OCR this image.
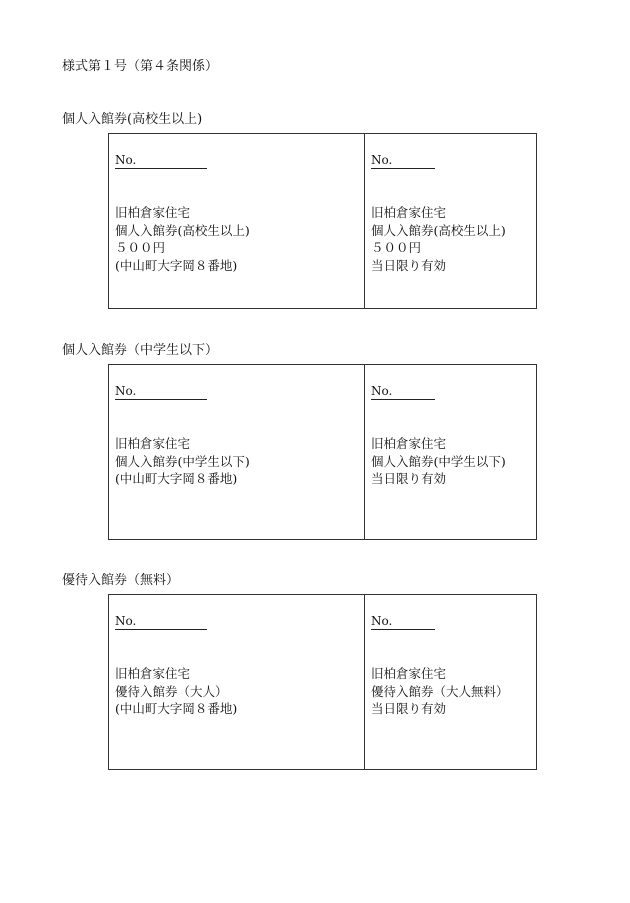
様式第１号（第４条関係）
個人入館券(高校生以上)
No.
旧柏倉家住宅
個人入館券(高校生以上)
５００円
(中山町大字岡８番地)
No.
旧柏倉家住宅
個人入館券(高校生以上)
５００円
当日限り有効
個人入館券（中学生以下）
No.
旧柏倉家住宅
個人入館券(中学生以下)
(中山町大字岡８番地)
No.
旧柏倉家住宅
個人入館券(中学生以下)
当日限り有効
優待入館券（無料）
No.
旧柏倉家住宅
優待入館券（大人）
(中山町大字岡８番地)
No.
旧柏倉家住宅
優待入館券（大人無料）
当日限り有効
